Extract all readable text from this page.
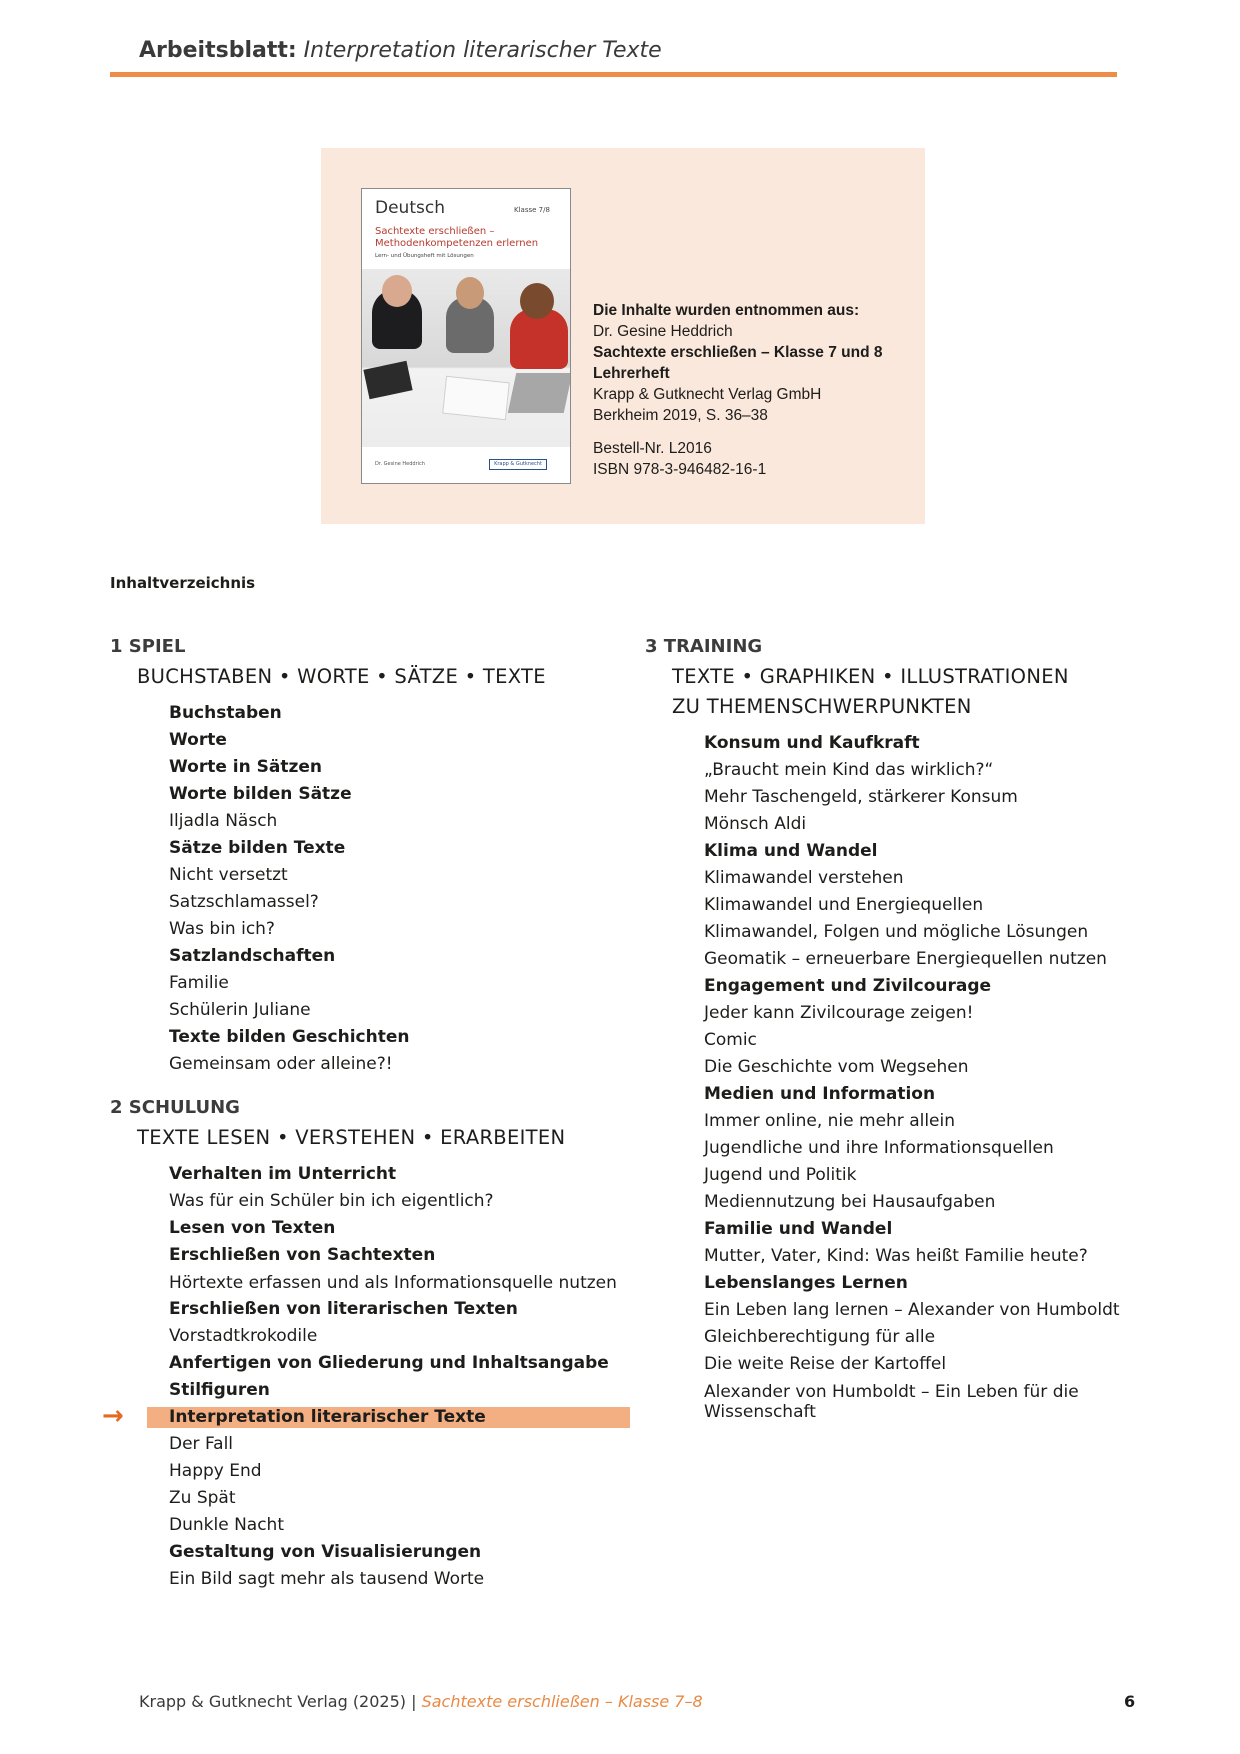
Arbeitsblatt: Interpretation literarischer Texte
Deutsch	Klasse 7/8
Sachtexte erschließen – Methodenkompetenzen erlernen
Lern- und Übungsheft mit Lösungen
Dr. Gesine Heddrich	Krapp & Gutknecht
Die Inhalte wurden entnommen aus:
Dr. Gesine Heddrich
Sachtexte erschließen – Klasse 7 und 8
Lehrerheft
Krapp & Gutknecht Verlag GmbH
Berkheim 2019, S. 36–38
Bestell-Nr. L2016
ISBN 978-3-946482-16-1
Inhaltverzeichnis
1 SPIEL
BUCHSTABEN • WORTE • SÄTZE • TEXTE
Buchstaben
Worte
Worte in Sätzen
Worte bilden Sätze
Iljadla Näsch
Sätze bilden Texte
Nicht versetzt
Satzschlamassel?
Was bin ich?
Satzlandschaften
Familie
Schülerin Juliane
Texte bilden Geschichten
Gemeinsam oder alleine?!
2 SCHULUNG
TEXTE LESEN • VERSTEHEN • ERARBEITEN
Verhalten im Unterricht
Was für ein Schüler bin ich eigentlich?
Lesen von Texten
Erschließen von Sachtexten
Hörtexte erfassen und als Informationsquelle nutzen
Erschließen von literarischen Texten
Vorstadtkrokodile
Anfertigen von Gliederung und Inhaltsangabe
Stilfiguren
→	Interpretation literarischer Texte
Der Fall
Happy End
Zu Spät
Dunkle Nacht
Gestaltung von Visualisierungen
Ein Bild sagt mehr als tausend Worte
3 TRAINING
TEXTE • GRAPHIKEN • ILLUSTRATIONEN
ZU THEMENSCHWERPUNKTEN
Konsum und Kaufkraft
„Braucht mein Kind das wirklich?“
Mehr Taschengeld, stärkerer Konsum
Mönsch Aldi
Klima und Wandel
Klimawandel verstehen
Klimawandel und Energiequellen
Klimawandel, Folgen und mögliche Lösungen
Geomatik – erneuerbare Energiequellen nutzen
Engagement und Zivilcourage
Jeder kann Zivilcourage zeigen!
Comic
Die Geschichte vom Wegsehen
Medien und Information
Immer online, nie mehr allein
Jugendliche und ihre Informationsquellen
Jugend und Politik
Mediennutzung bei Hausaufgaben
Familie und Wandel
Mutter, Vater, Kind: Was heißt Familie heute?
Lebenslanges Lernen
Ein Leben lang lernen – Alexander von Humboldt
Gleichberechtigung für alle
Die weite Reise der Kartoffel
Alexander von Humboldt – Ein Leben für die Wissenschaft
Krapp & Gutknecht Verlag (2025) | Sachtexte erschließen – Klasse 7–8	6
